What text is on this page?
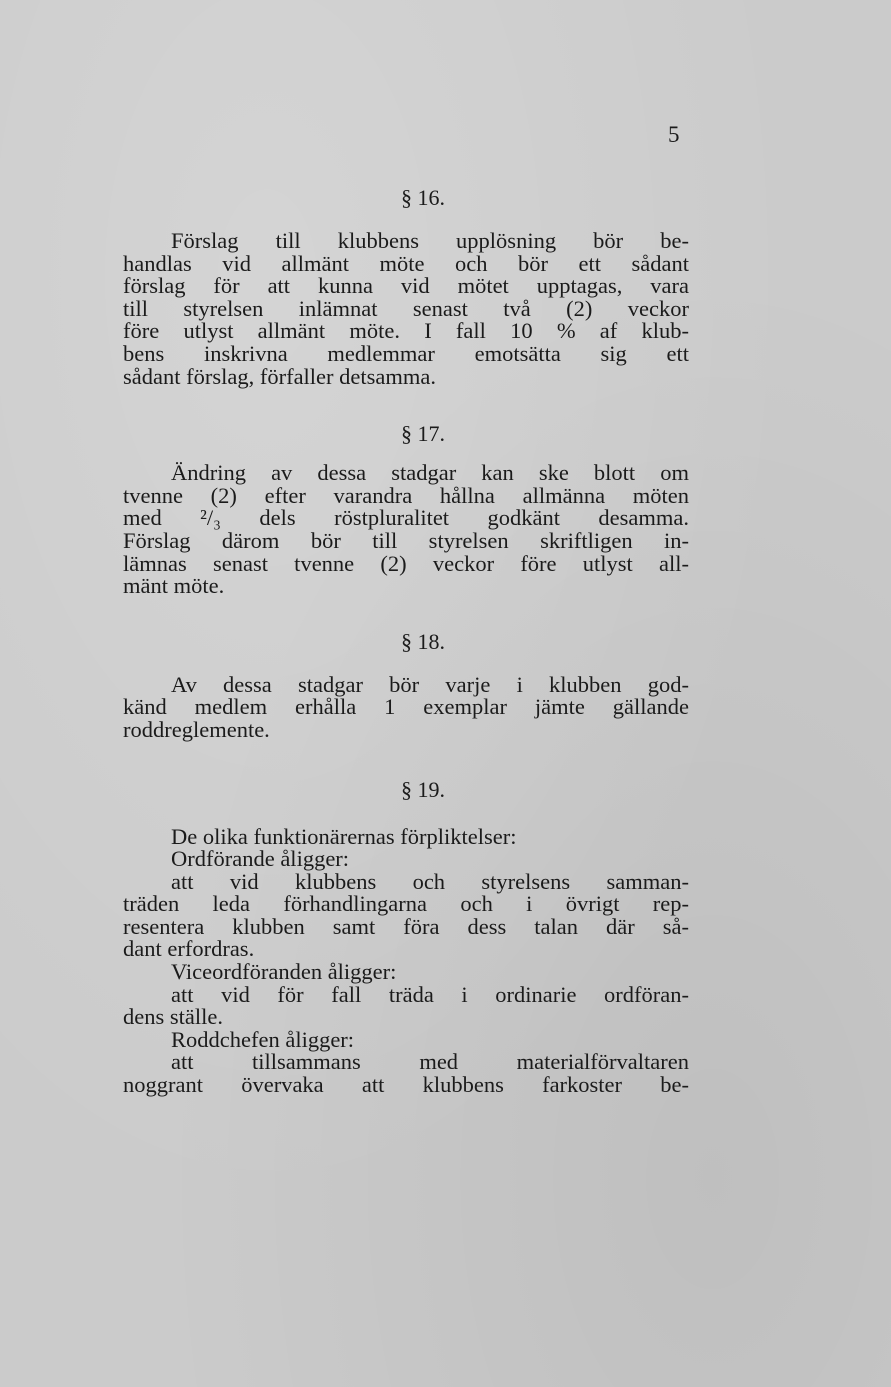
5
§ 16.
Förslag till klubbens upplösning bör be-
handlas vid allmänt möte och bör ett sådant
förslag för att kunna vid mötet upptagas, vara
till styrelsen inlämnat senast två (2) veckor
före utlyst allmänt möte. I fall 10 % af klub-
bens inskrivna medlemmar emotsätta sig ett
sådant förslag, förfaller detsamma.
§ 17.
Ändring av dessa stadgar kan ske blott om
tvenne (2) efter varandra hållna allmänna möten
med ²/₃ dels röstpluralitet godkänt desamma.
Förslag därom bör till styrelsen skriftligen in-
lämnas senast tvenne (2) veckor före utlyst all-
mänt möte.
§ 18.
Av dessa stadgar bör varje i klubben god-
känd medlem erhålla 1 exemplar jämte gällande
roddreglemente.
§ 19.
De olika funktionärernas förpliktelser:
Ordförande åligger:
att vid klubbens och styrelsens samman-
träden leda förhandlingarna och i övrigt rep-
resentera klubben samt föra dess talan där så-
dant erfordras.
Viceordföranden åligger:
att vid för fall träda i ordinarie ordföran-
dens ställe.
Roddchefen åligger:
att tillsammans med materialförvaltaren
noggrant övervaka att klubbens farkoster be-
